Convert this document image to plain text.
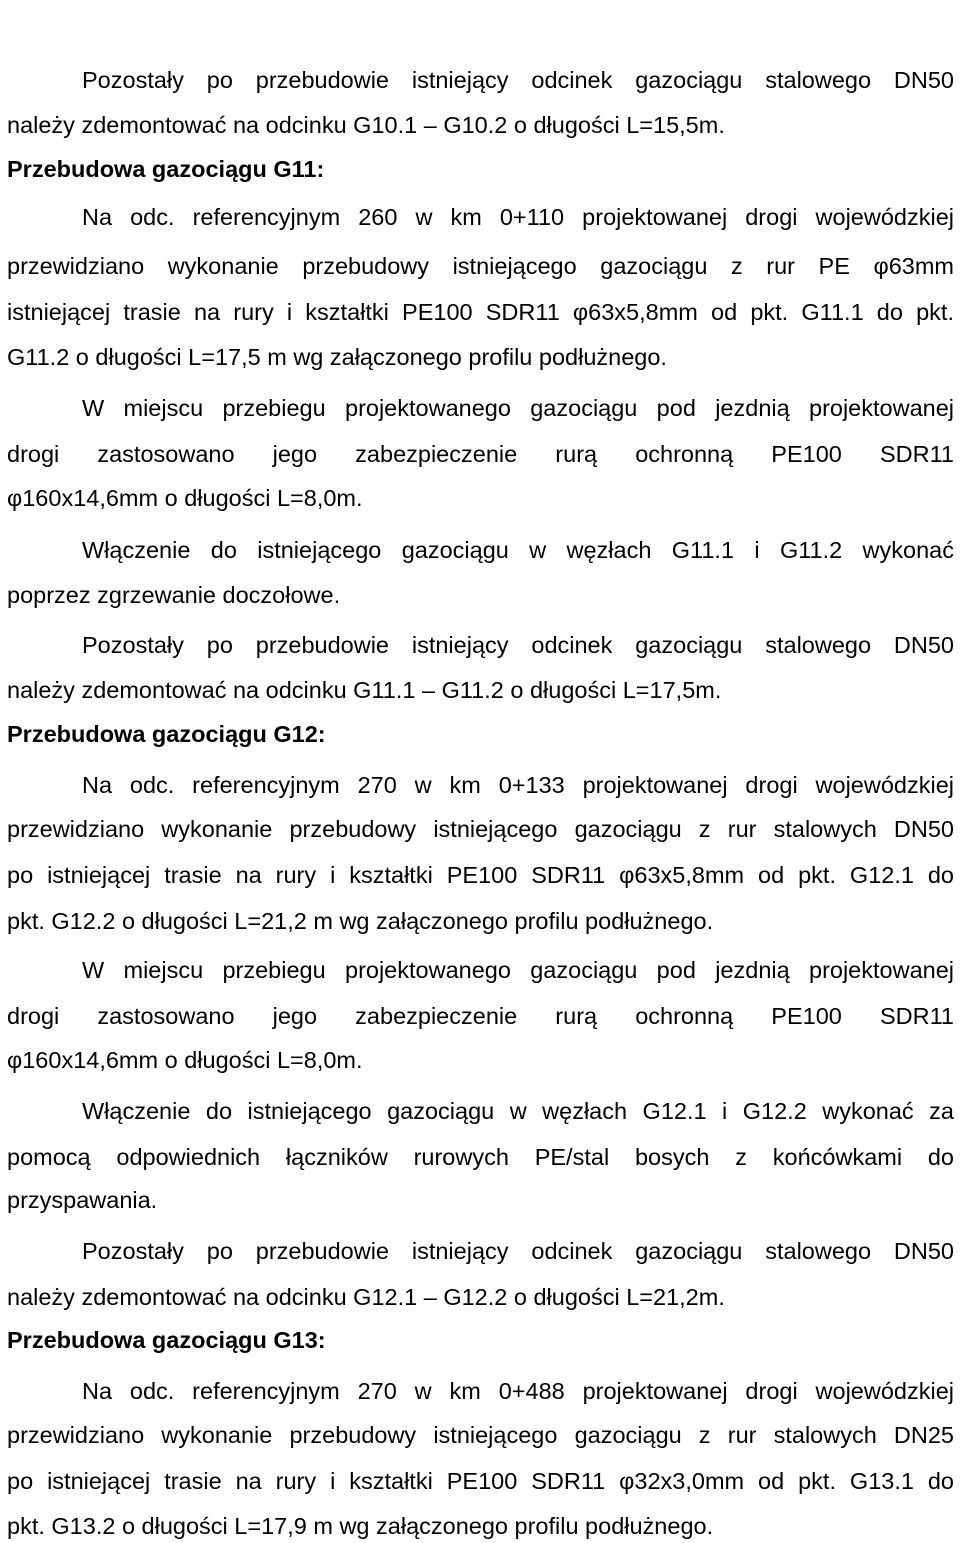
Pozostały po przebudowie istniejący odcinek gazociągu stalowego DN50
należy zdemontować na odcinku G10.1 – G10.2 o długości L=15,5m.
Przebudowa gazociągu G11:
Na odc. referencyjnym 260 w km 0+110 projektowanej drogi wojewódzkiej
przewidziano wykonanie przebudowy istniejącego gazociągu z rur PE φ63mm
istniejącej trasie na rury i kształtki PE100 SDR11 φ63x5,8mm od pkt. G11.1 do pkt.
G11.2 o długości L=17,5 m wg załączonego profilu podłużnego.
W miejscu przebiegu projektowanego gazociągu pod jezdnią projektowanej
drogi zastosowano jego zabezpieczenie rurą ochronną PE100 SDR11
φ160x14,6mm o długości L=8,0m.
Włączenie do istniejącego gazociągu w węzłach G11.1 i G11.2 wykonać
poprzez zgrzewanie doczołowe.
Pozostały po przebudowie istniejący odcinek gazociągu stalowego DN50
należy zdemontować na odcinku G11.1 – G11.2 o długości L=17,5m.
Przebudowa gazociągu G12:
Na odc. referencyjnym 270 w km 0+133 projektowanej drogi wojewódzkiej
przewidziano wykonanie przebudowy istniejącego gazociągu z rur stalowych DN50
po istniejącej trasie na rury i kształtki PE100 SDR11 φ63x5,8mm od pkt. G12.1 do
pkt. G12.2 o długości L=21,2 m wg załączonego profilu podłużnego.
W miejscu przebiegu projektowanego gazociągu pod jezdnią projektowanej
drogi zastosowano jego zabezpieczenie rurą ochronną PE100 SDR11
φ160x14,6mm o długości L=8,0m.
Włączenie do istniejącego gazociągu w węzłach G12.1 i G12.2 wykonać za
pomocą odpowiednich łączników rurowych PE/stal bosych z końcówkami do
przyspawania.
Pozostały po przebudowie istniejący odcinek gazociągu stalowego DN50
należy zdemontować na odcinku G12.1 – G12.2 o długości L=21,2m.
Przebudowa gazociągu G13:
Na odc. referencyjnym 270 w km 0+488 projektowanej drogi wojewódzkiej
przewidziano wykonanie przebudowy istniejącego gazociągu z rur stalowych DN25
po istniejącej trasie na rury i kształtki PE100 SDR11 φ32x3,0mm od pkt. G13.1 do
pkt. G13.2 o długości L=17,9 m wg załączonego profilu podłużnego.
